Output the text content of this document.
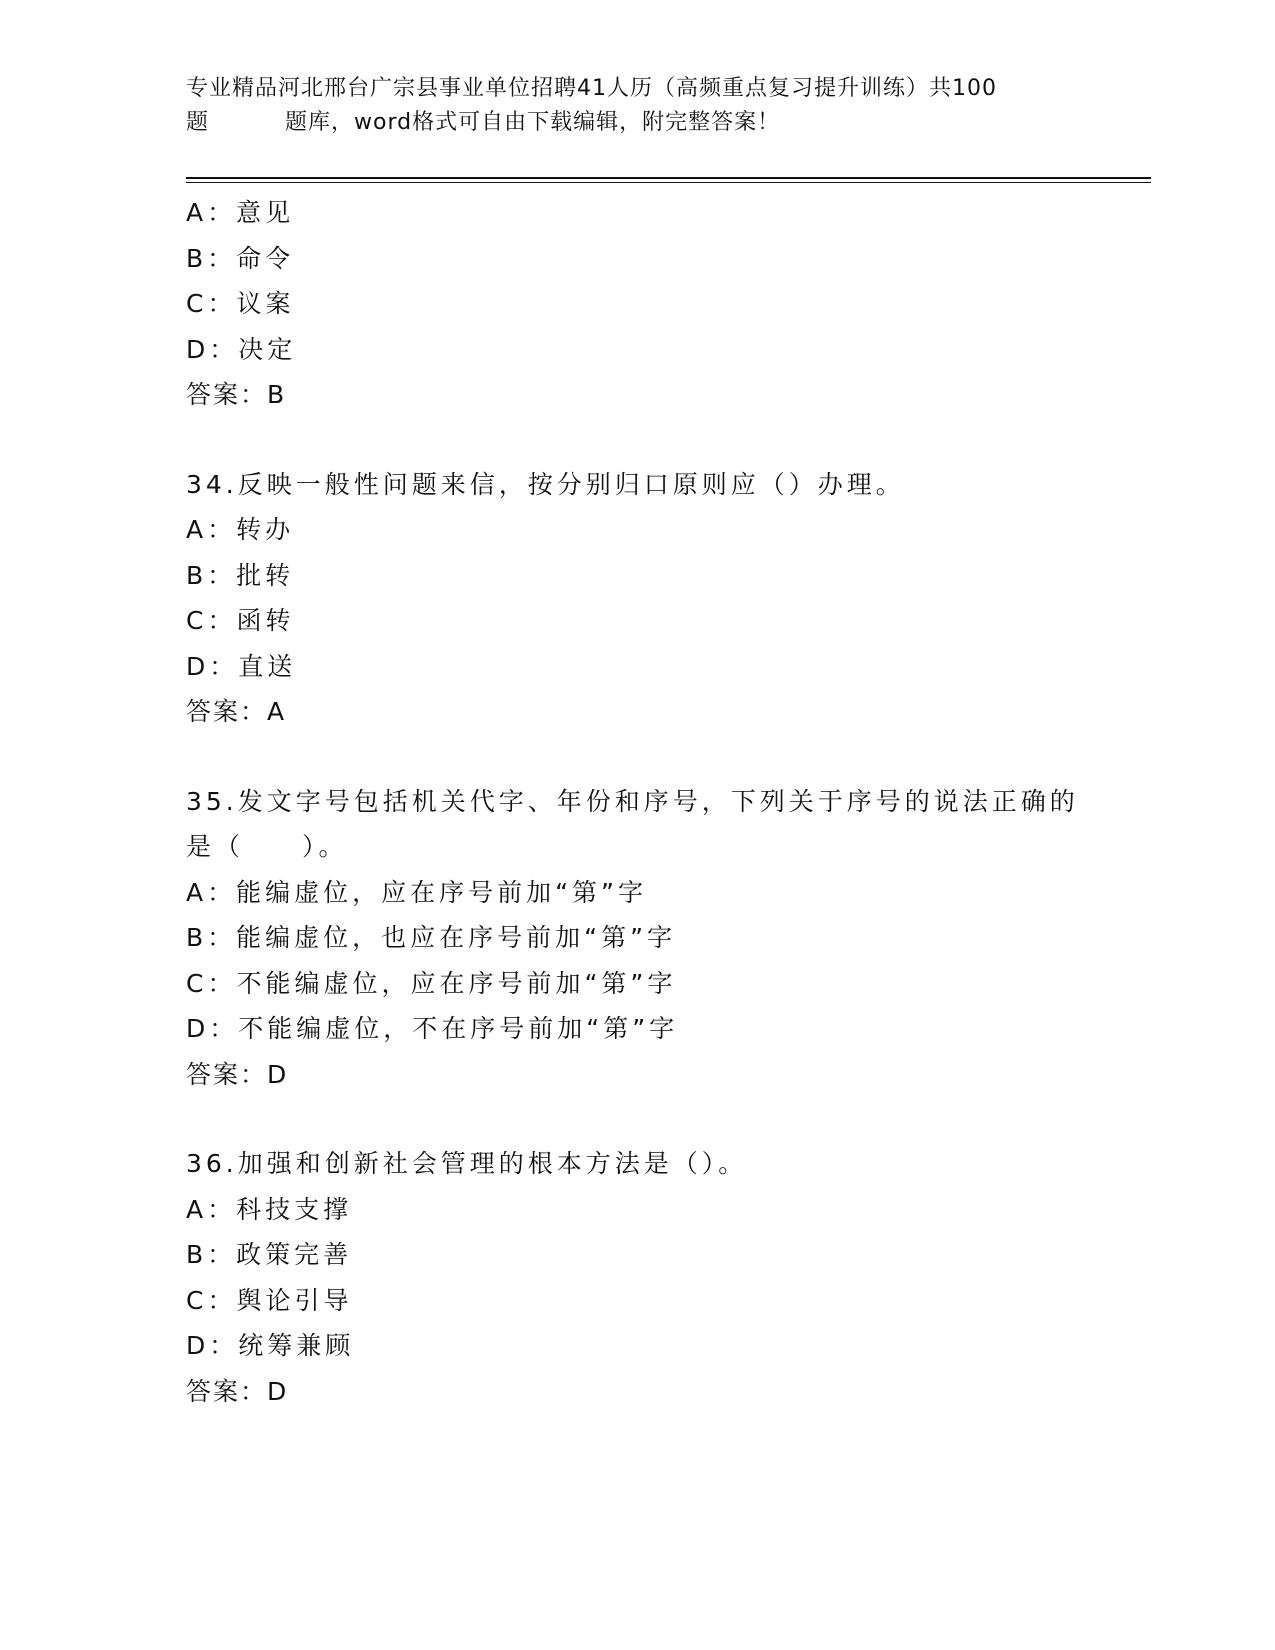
专业精品河北邢台广宗县事业单位招聘41人历（高频重点复习提升训练）共100
题	题库，word格式可自由下载编辑，附完整答案！
A：意见
B：命令
C：议案
D：决定
答案：B
34.反映一般性问题来信，按分别归口原则应（）办理。
A：转办
B：批转
C：函转
D：直送
答案：A
35.发文字号包括机关代字、年份和序号，下列关于序号的说法正确的
是（　　）。
A：能编虚位，应在序号前加“第”字
B：能编虚位，也应在序号前加“第”字
C：不能编虚位，应在序号前加“第”字
D：不能编虚位，不在序号前加“第”字
答案：D
36.加强和创新社会管理的根本方法是（）。
A：科技支撑
B：政策完善
C：舆论引导
D：统筹兼顾
答案：D
